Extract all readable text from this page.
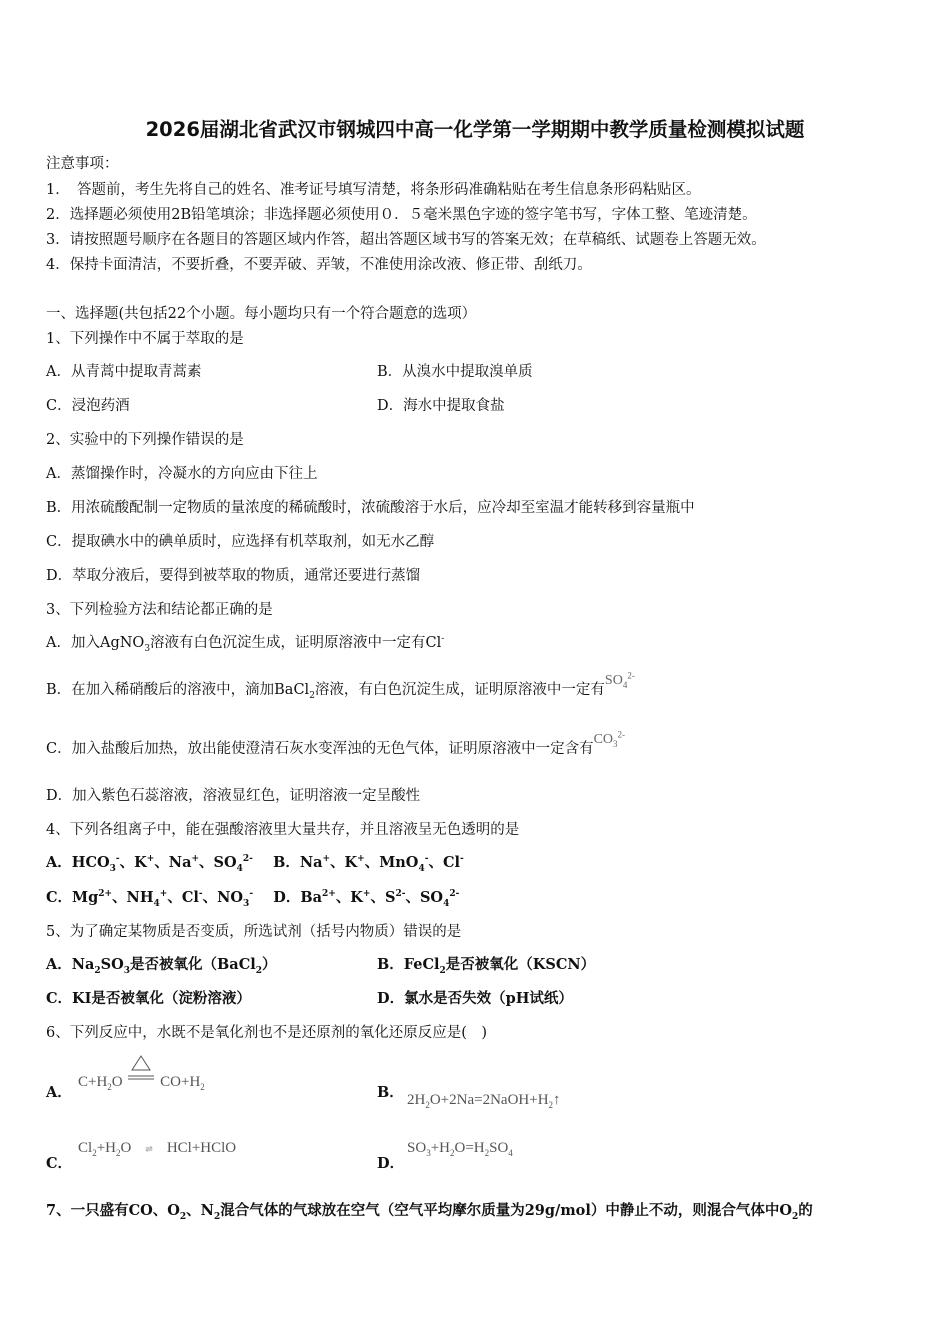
2026届湖北省武汉市钢城四中高一化学第一学期期中教学质量检测模拟试题
注意事项：
1．　答题前，考生先将自己的姓名、准考证号填写清楚，将条形码准确粘贴在考生信息条形码粘贴区。
2．选择题必须使用2B铅笔填涂；非选择题必须使用０．５毫米黑色字迹的签字笔书写，字体工整、笔迹清楚。
3．请按照题号顺序在各题目的答题区域内作答，超出答题区域书写的答案无效；在草稿纸、试题卷上答题无效。
4．保持卡面清洁，不要折叠，不要弄破、弄皱，不准使用涂改液、修正带、刮纸刀。
一、选择题(共包括22个小题。每小题均只有一个符合题意的选项）
1、下列操作中不属于萃取的是
A．从青蒿中提取青蒿素	B．从溴水中提取溴单质
C．浸泡药酒	D．海水中提取食盐
2、实验中的下列操作错误的是
A．蒸馏操作时，冷凝水的方向应由下往上
B．用浓硫酸配制一定物质的量浓度的稀硫酸时，浓硫酸溶于水后，应冷却至室温才能转移到容量瓶中
C．提取碘水中的碘单质时，应选择有机萃取剂，如无水乙醇
D．萃取分液后，要得到被萃取的物质，通常还要进行蒸馏
3、下列检验方法和结论都正确的是
A．加入AgNO$_3$溶液有白色沉淀生成，证明原溶液中一定有Cl-
B．在加入稀硝酸后的溶液中，滴加BaCl$_2$溶液，有白色沉淀生成，证明原溶液中一定有$SO_4^{2-}$
C．加入盐酸后加热，放出能使澄清石灰水变浑浊的无色气体，证明原溶液中一定含有$CO_3^{2-}$
D．加入紫色石蕊溶液，溶液显红色，证明溶液一定呈酸性
4、下列各组离子中，能在强酸溶液里大量共存，并且溶液呈无色透明的是
A．$HCO_3^-$、K+、Na+、$SO_4^{2-}$ B．Na+、K+、MnO$_4$-、Cl-
C．$Mg^{2+}$、$NH_4^+$、Cl-、$NO_3^-$ D．$Ba^{2+}$、K+、$S^{2-}$、$SO_4^{2-}$
5、为了确定某物质是否变质，所选试剂（括号内物质）错误的是
A．$Na_2SO_3$是否被氧化（BaCl$_2$）	B．FeCl$_2$是否被氧化（KSCN）
C．KI是否被氧化（淀粉溶液）	D．氯水是否失效（pH试纸）
6、下列反应中，水既不是氧化剂也不是还原剂的氧化还原反应是(　)
A．
$C+H_2O$	$CO+H_2$	B． $2H_2O+2Na=2NaOH+H_2↑$
C．
$Cl_2+H_2O$ ⇌ HCl+HClO
D．
$SO_3+H_2O=H_2SO_4$
7、一只盛有CO、$O_2$、$N_2$混合气体的气球放在空气（空气平均摩尔质量为29g/mol）中静止不动，则混合气体中$O_2$的
